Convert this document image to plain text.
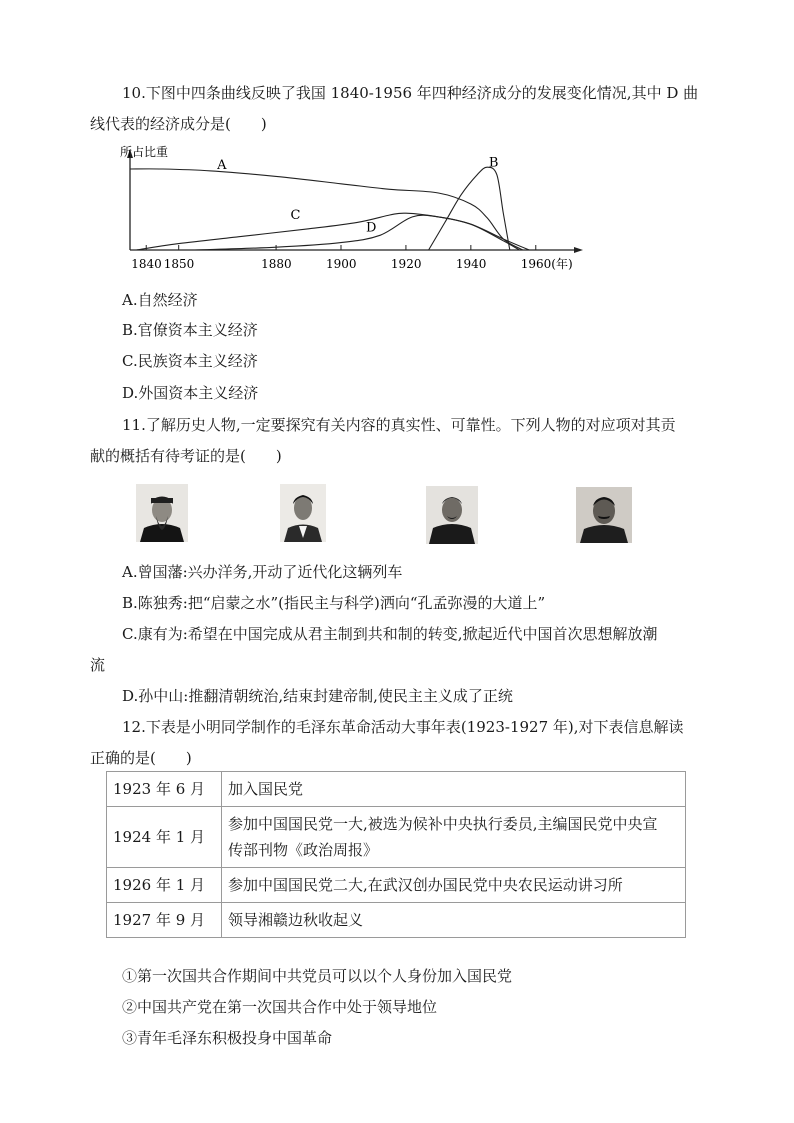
10.下图中四条曲线反映了我国 1840-1956 年四种经济成分的发展变化情况,其中 D 曲
线代表的经济成分是(　　)
所占比重
1840 1850	1880	1900	1920	1940	1960(年)
A	B
C
D
A.自然经济
B.官僚资本主义经济
C.民族资本主义经济
D.外国资本主义经济
11.了解历史人物,一定要探究有关内容的真实性、可靠性。下列人物的对应项对其贡
献的概括有待考证的是(　　)
A.曾国藩:兴办洋务,开动了近代化这辆列车
B.陈独秀:把“启蒙之水”(指民主与科学)洒向“孔孟弥漫的大道上”
C.康有为:希望在中国完成从君主制到共和制的转变,掀起近代中国首次思想解放潮
流
D.孙中山:推翻清朝统治,结束封建帝制,使民主主义成了正统
12.下表是小明同学制作的毛泽东革命活动大事年表(1923-1927 年),对下表信息解读
正确的是(　　)
1923 年 6 月	加入国民党
1924 年 1 月	参加中国国民党一大,被选为候补中央执行委员,主编国民党中央宣
传部刊物《政治周报》
1926 年 1 月	参加中国国民党二大,在武汉创办国民党中央农民运动讲习所
1927 年 9 月	领导湘赣边秋收起义
①第一次国共合作期间中共党员可以以个人身份加入国民党
②中国共产党在第一次国共合作中处于领导地位
③青年毛泽东积极投身中国革命
